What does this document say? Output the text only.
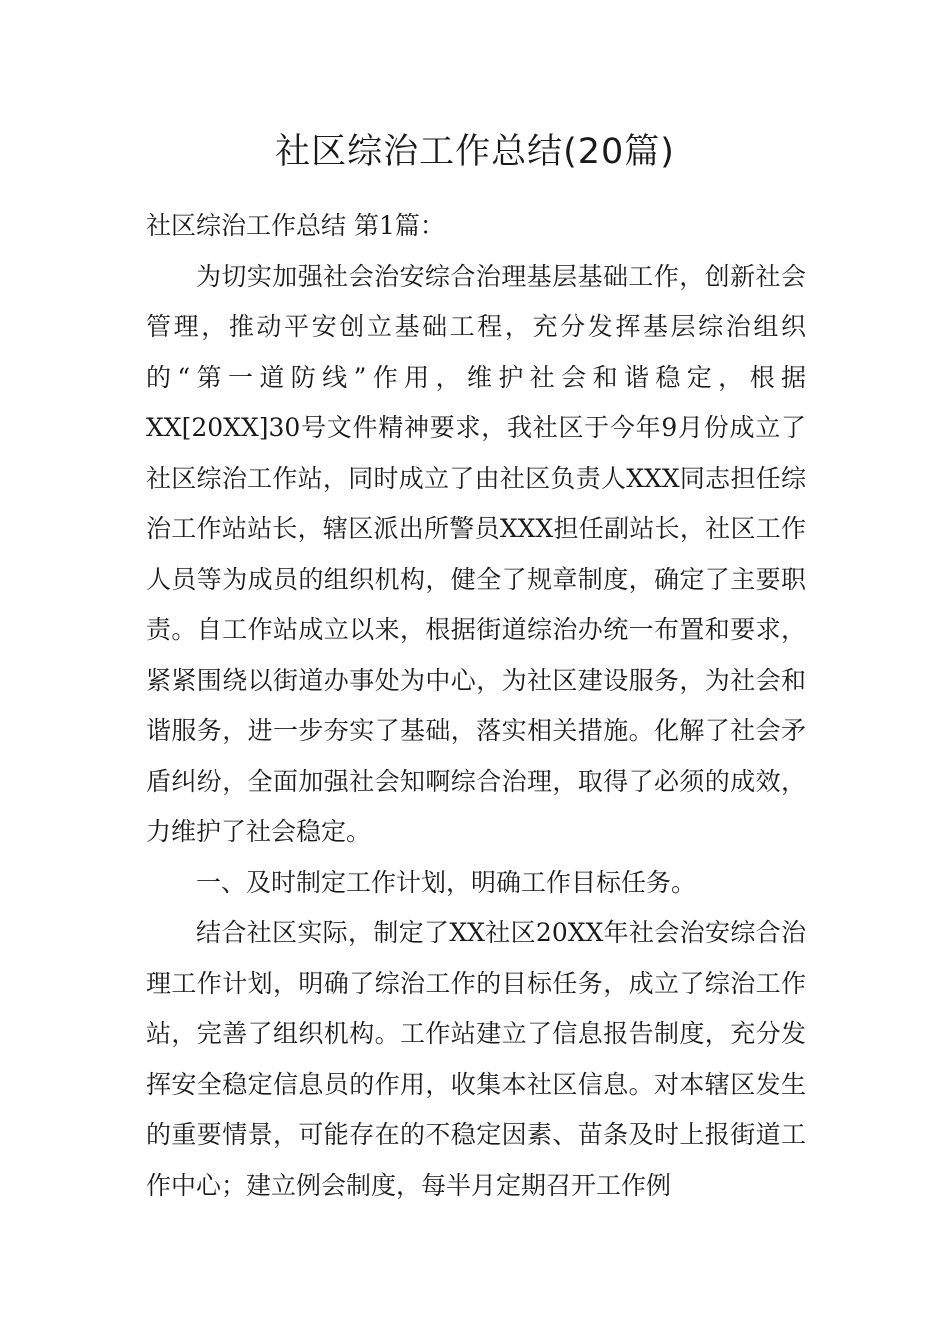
社区综治工作总结(20篇)

社区综治工作总结 第1篇：

为切实加强社会治安综合治理基层基础工作，创新社会管理，推动平安创立基础工程，充分发挥基层综治组织的“第一道防线”作用，维护社会和谐稳定，根据XX[20XX]30号文件精神要求，我社区于今年9月份成立了社区综治工作站，同时成立了由社区负责人XXX同志担任综治工作站站长，辖区派出所警员XXX担任副站长，社区工作人员等为成员的组织机构，健全了规章制度，确定了主要职责。自工作站成立以来，根据街道综治办统一布置和要求，紧紧围绕以街道办事处为中心，为社区建设服务，为社会和谐服务，进一步夯实了基础，落实相关措施。化解了社会矛盾纠纷，全面加强社会知啊综合治理，取得了必须的成效，力维护了社会稳定。

一、及时制定工作计划，明确工作目标任务。

结合社区实际，制定了XX社区20XX年社会治安综合治理工作计划，明确了综治工作的目标任务，成立了综治工作站，完善了组织机构。工作站建立了信息报告制度，充分发挥安全稳定信息员的作用，收集本社区信息。对本辖区发生的重要情景，可能存在的不稳定因素、苗条及时上报街道工作中心；建立例会制度，每半月定期召开工作例
